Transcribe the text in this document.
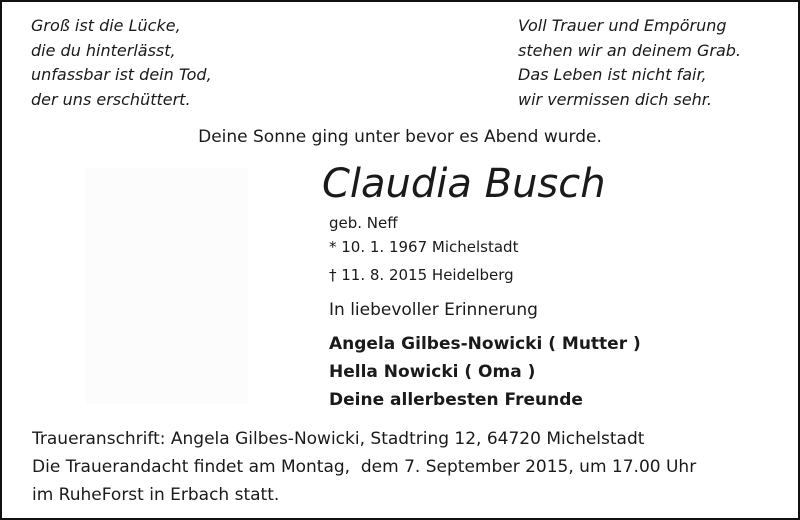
Groß ist die Lücke,
die du hinterlässt,
unfassbar ist dein Tod,
der uns erschüttert.
Voll Trauer und Empörung
stehen wir an deinem Grab.
Das Leben ist nicht fair,
wir vermissen dich sehr.
Deine Sonne ging unter bevor es Abend wurde.
Claudia Busch
geb. Neff
* 10. 1. 1967 Michelstadt
† 11. 8. 2015 Heidelberg
In liebevoller Erinnerung
Angela Gilbes-Nowicki ( Mutter )
Hella Nowicki ( Oma )
Deine allerbesten Freunde
Traueranschrift: Angela Gilbes-Nowicki, Stadtring 12, 64720 Michelstadt
Die Trauerandacht findet am Montag,  dem 7. September 2015, um 17.00 Uhr
im RuheForst in Erbach statt.
